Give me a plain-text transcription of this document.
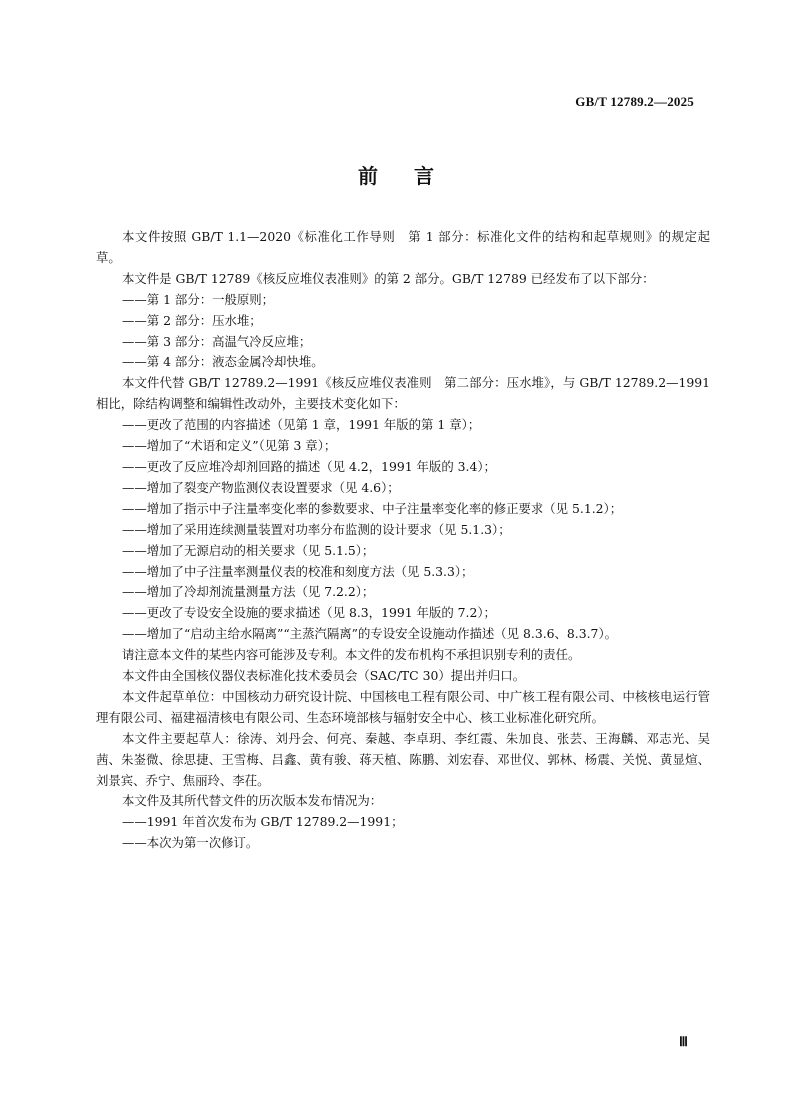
GB/T 12789.2—2025
前言

本文件按照 GB/T 1.1—2020《标准化工作导则　第 1 部分：标准化文件的结构和起草规则》的规定起草。

本文件是 GB/T 12789《核反应堆仪表准则》的第 2 部分。GB/T 12789 已经发布了以下部分：

——第 1 部分：一般原则；

——第 2 部分：压水堆；

——第 3 部分：高温气冷反应堆；

——第 4 部分：液态金属冷却快堆。

本文件代替 GB/T 12789.2—1991《核反应堆仪表准则　第二部分：压水堆》，与 GB/T 12789.2—1991 相比，除结构调整和编辑性改动外，主要技术变化如下：

——更改了范围的内容描述（见第 1 章，1991 年版的第 1 章）；

——增加了“术语和定义”（见第 3 章）；

——更改了反应堆冷却剂回路的描述（见 4.2，1991 年版的 3.4）；

——增加了裂变产物监测仪表设置要求（见 4.6）；

——增加了指示中子注量率变化率的参数要求、中子注量率变化率的修正要求（见 5.1.2）；

——增加了采用连续测量装置对功率分布监测的设计要求（见 5.1.3）；

——增加了无源启动的相关要求（见 5.1.5）；

——增加了中子注量率测量仪表的校准和刻度方法（见 5.3.3）；

——增加了冷却剂流量测量方法（见 7.2.2）；

——更改了专设安全设施的要求描述（见 8.3，1991 年版的 7.2）；

——增加了“启动主给水隔离”“主蒸汽隔离”的专设安全设施动作描述（见 8.3.6、8.3.7）。

请注意本文件的某些内容可能涉及专利。本文件的发布机构不承担识别专利的责任。

本文件由全国核仪器仪表标准化技术委员会（SAC/TC 30）提出并归口。

本文件起草单位：中国核动力研究设计院、中国核电工程有限公司、中广核工程有限公司、中核核电运行管理有限公司、福建福清核电有限公司、生态环境部核与辐射安全中心、核工业标准化研究所。

本文件主要起草人：徐涛、刘丹会、何亮、秦越、李卓玥、李红霞、朱加良、张芸、王海麟、邓志光、吴茜、朱崟微、徐思捷、王雪梅、吕鑫、黄有骏、蒋天植、陈鹏、刘宏春、邓世仪、郭林、杨震、关悦、黄显煊、刘景宾、乔宁、焦丽玲、李茌。

本文件及其所代替文件的历次版本发布情况为：

——1991 年首次发布为 GB/T 12789.2—1991；

——本次为第一次修订。

Ⅲ
